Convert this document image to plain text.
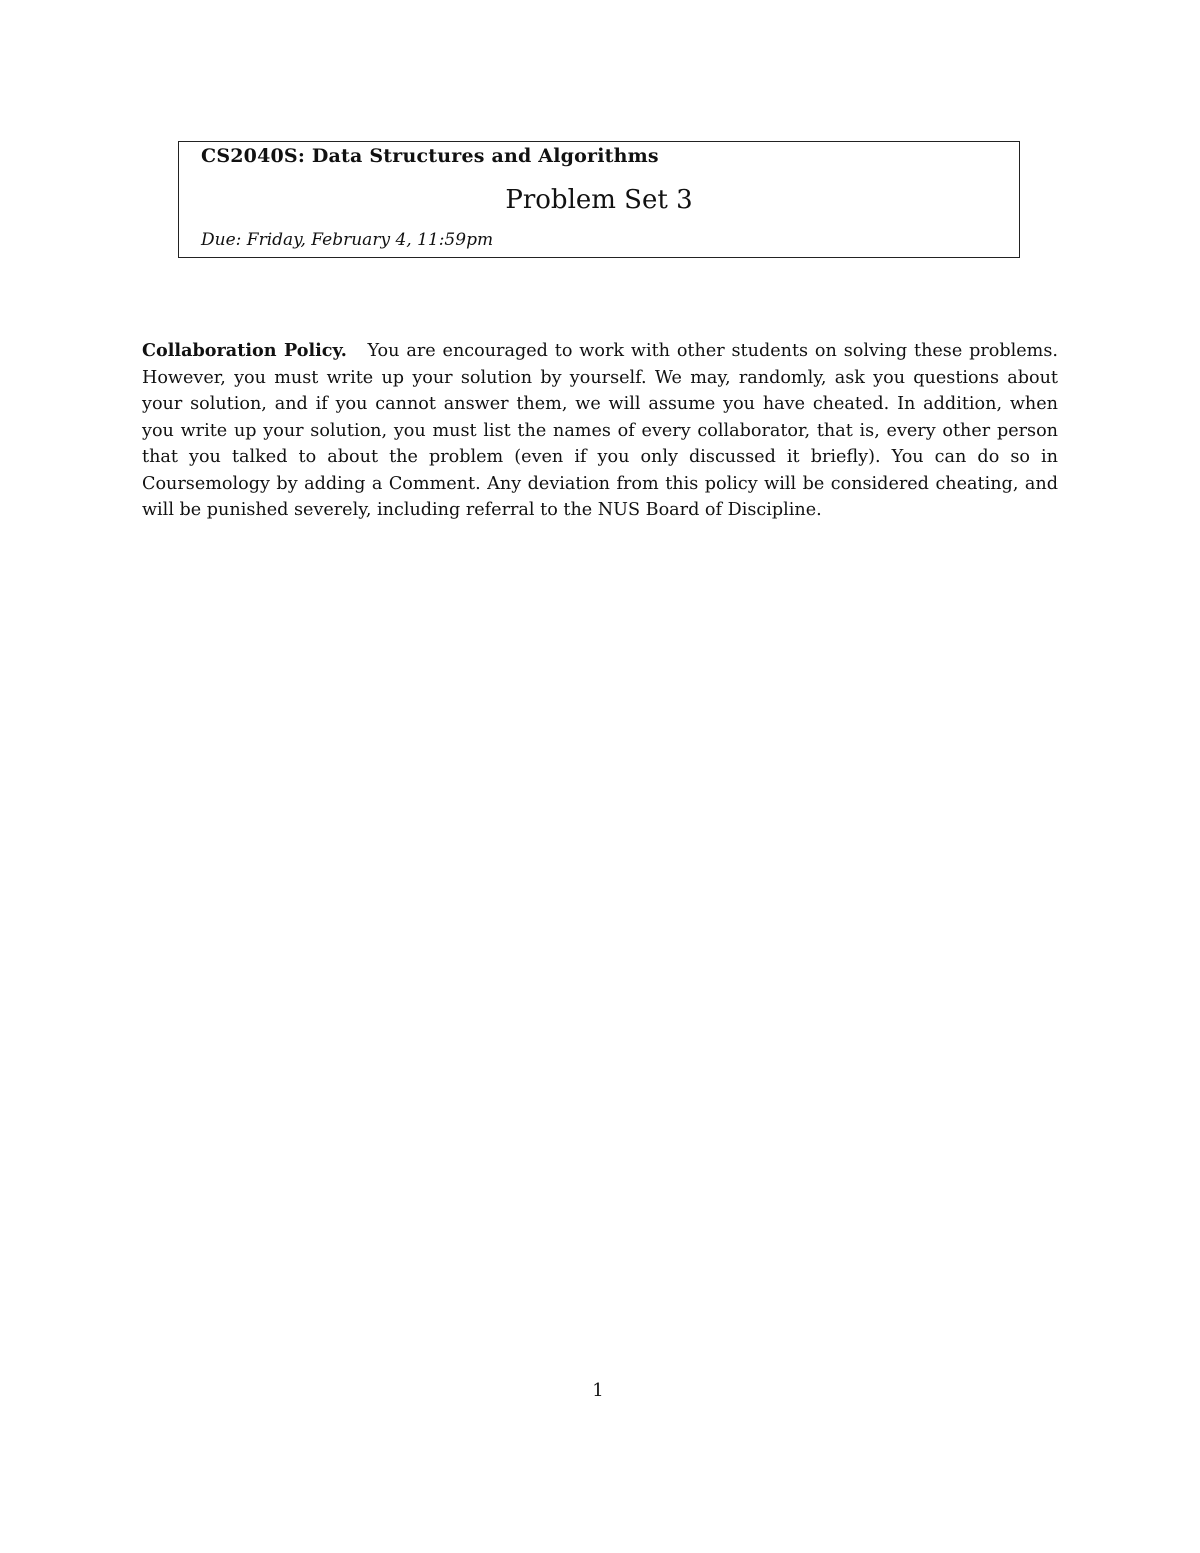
CS2040S: Data Structures and Algorithms
Problem Set 3
Due: Friday, February 4, 11:59pm

Collaboration Policy. You are encouraged to work with other students on solving these problems. However, you must write up your solution by yourself. We may, randomly, ask you questions about your solution, and if you cannot answer them, we will assume you have cheated. In addition, when you write up your solution, you must list the names of every collaborator, that is, every other person that you talked to about the problem (even if you only discussed it briefly). You can do so in Coursemology by adding a Comment. Any deviation from this policy will be considered cheating, and will be punished severely, including referral to the NUS Board of Discipline.

1
